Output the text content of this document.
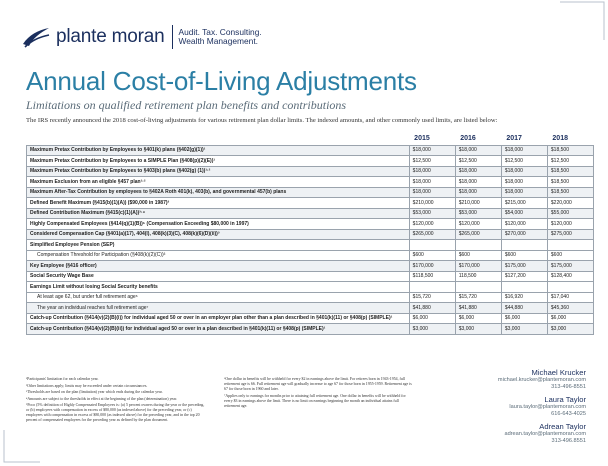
plante moran Audit. Tax. Consulting.
Wealth Management.
Annual Cost-of-Living Adjustments
Limitations on qualified retirement plan benefits and contributions
The IRS recently announced the 2018 cost-of-living adjustments for various retirement plan dollar limits. The indexed amounts, and other commonly used limits, are listed below:
	2015	2016	2017	2018
Maximum Pretax Contribution by Employees to §401(k) plans (§402(g)(1))¹	$18,000	$18,000	$18,000	$18,500
Maximum Pretax Contribution by Employees to a SIMPLE Plan (§408(p)(2)(E))¹	$12,500	$12,500	$12,500	$12,500
Maximum Pretax Contribution by Employees to §403(b) plans (§402(g) (1))¹·²	$18,000	$18,000	$18,000	$18,500
Maximum Exclusion from an eligible §457 plan¹·²	$18,000	$18,000	$18,000	$18,500
Maximum After-Tax Contribution by employees to §402A Roth 401(k), 403(b), and governmental 457(b) plans	$18,000	$18,000	$18,000	$18,500
Defined Benefit Maximum (§415(b)(1)(A)) ($90,000 in 1987)³	$210,000	$210,000	$215,000	$220,000
Defined Contribution Maximum (§415(c)(1)(A))³·⁴	$53,000	$53,000	$54,000	$55,000
Highly Compensated Employees (§414(q)(1)(B))⁵ (Compensation Exceeding $80,000 in 1997)	$120,000	$120,000	$120,000	$120,000
Considered Compensation Cap (§401(a)(17), 404(l), 408(k)(3)(C), 408(k)(6)(D)(ii))³	$265,000	$265,000	$270,000	$275,000
Simplified Employee Pension (SEP)				
Compensation Threshold for Participation (§408(k)(2)(C))³	$600	$600	$600	$600
Key Employee (§416 officer)	$170,000	$170,000	$175,000	$175,000
Social Security Wage Base	$118,500	118,500	$127,200	$128,400
Earnings Limit without losing Social Security benefits				
At least age 62, but under full retirement age⁶	$15,720	$15,720	$16,920	$17,040
The year an individual reaches full retirement age⁷	$41,880	$41,880	$44,880	$45,360
Catch-up Contribution (§414(v)(2)(B)(i)) for individual aged 50 or over in an employer plan other than a plan described in §401(k)(11) or §408(p) (SIMPLE)¹	$6,000	$6,000	$6,000	$6,000
Catch-up Contribution (§414(v)(2)(B)(ii)) for individual aged 50 or over in a plan described in §401(k)(11) or §408(p) (SIMPLE)¹	$3,000	$3,000	$3,000	$3,000

¹Participants' limitation for each calendar year.

²Other limitations apply; limits may be exceeded under certain circumstances.

³Thresholds are based on the plan (limitation) year which ends during the calendar year.

⁴Amounts are subject to the thresholds in effect at the beginning of the plan (determination) year.

⁵Poco (5% definition of Highly Compensated Employees is: (a) 5 percent owners during the year or the preceding, or (b) employees with compensation in excess of $80,000 (as indexed above) for the preceding year, or (c) employees with compensation in excess of $80,000 (as indexed above) for the preceding year, and in the top 20 percent of compensated employees for the preceding year as defined by the plan document.

⁶One dollar in benefits will be withheld for every $2 in earnings above the limit. For retirees born in 1943-1954, full retirement age is 66. Full retirement age will gradually increase to age 67 for those born in 1955-1959. Retirement age is 67 for those born in 1960 and later.

⁷Applies only to earnings for months prior to attaining full retirement age. One dollar in benefits will be withheld for every $3 in earnings above the limit. There is no limit on earnings beginning the month an individual attains full retirement age.

Michael Krucker
michael.krucker@plantemoran.com
313-496-8551
Laura Taylor
laura.taylor@plantemoran.com
616-643-4025
Adrean Taylor
adrean.taylor@plantemoran.com
313-496.8551
